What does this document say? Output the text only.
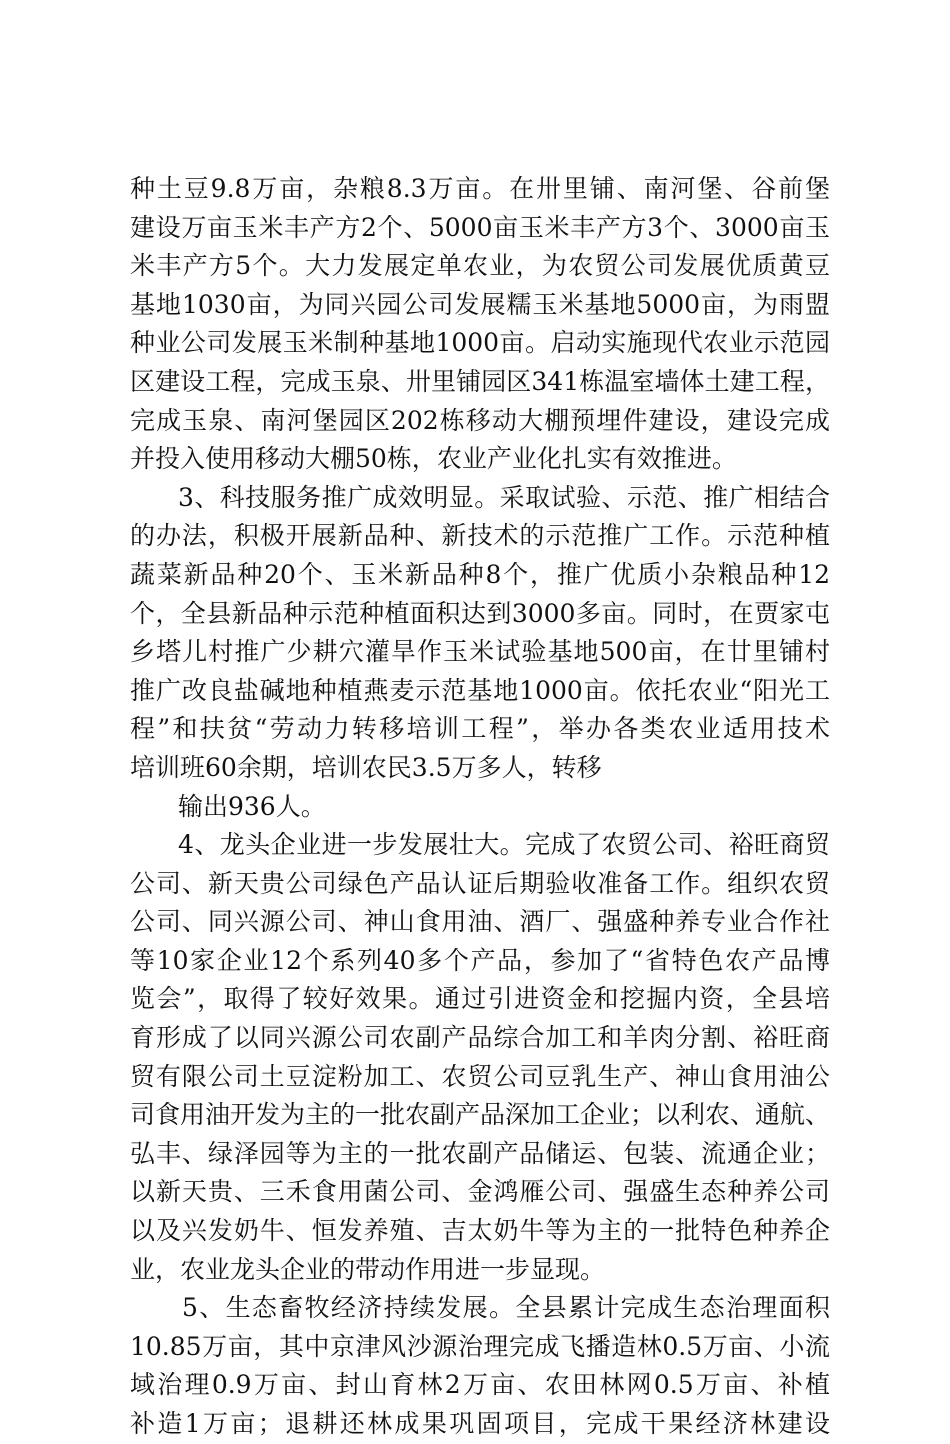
种土豆9.8万亩，杂粮8.3万亩。在卅里铺、南河堡、谷前堡
建设万亩玉米丰产方2个、5000亩玉米丰产方3个、3000亩玉
米丰产方5个。大力发展定单农业，为农贸公司发展优质黄豆
基地1030亩，为同兴园公司发展糯玉米基地5000亩，为雨盟
种业公司发展玉米制种基地1000亩。启动实施现代农业示范园
区建设工程，完成玉泉、卅里铺园区341栋温室墙体土建工程，
完成玉泉、南河堡园区202栋移动大棚预埋件建设，建设完成
并投入使用移动大棚50栋，农业产业化扎实有效推进。
3、科技服务推广成效明显。采取试验、示范、推广相结合
的办法，积极开展新品种、新技术的示范推广工作。示范种植
蔬菜新品种20个、玉米新品种8个，推广优质小杂粮品种12
个，全县新品种示范种植面积达到3000多亩。同时，在贾家屯
乡塔儿村推广少耕穴灌旱作玉米试验基地500亩，在廿里铺村
推广改良盐碱地种植燕麦示范基地1000亩。依托农业“阳光工
程”和扶贫“劳动力转移培训工程”，举办各类农业适用技术
培训班60余期，培训农民3.5万多人，转移
输出936人。
4、龙头企业进一步发展壮大。完成了农贸公司、裕旺商贸
公司、新天贵公司绿色产品认证后期验收准备工作。组织农贸
公司、同兴源公司、神山食用油、酒厂、强盛种养专业合作社
等10家企业12个系列40多个产品，参加了“省特色农产品博
览会”，取得了较好效果。通过引进资金和挖掘内资，全县培
育形成了以同兴源公司农副产品综合加工和羊肉分割、裕旺商
贸有限公司土豆淀粉加工、农贸公司豆乳生产、神山食用油公
司食用油开发为主的一批农副产品深加工企业；以利农、通航、
弘丰、绿泽园等为主的一批农副产品储运、包装、流通企业；
以新天贵、三禾食用菌公司、金鸿雁公司、强盛生态种养公司
以及兴发奶牛、恒发养殖、吉太奶牛等为主的一批特色种养企
业，农业龙头企业的带动作用进一步显现。
5、生态畜牧经济持续发展。全县累计完成生态治理面积
10.85万亩，其中京津风沙源治理完成飞播造林0.5万亩、小流
域治理0.9万亩、封山育林2万亩、农田林网0.5万亩、补植
补造1万亩；退耕还林成果巩固项目，完成干果经济林建设
